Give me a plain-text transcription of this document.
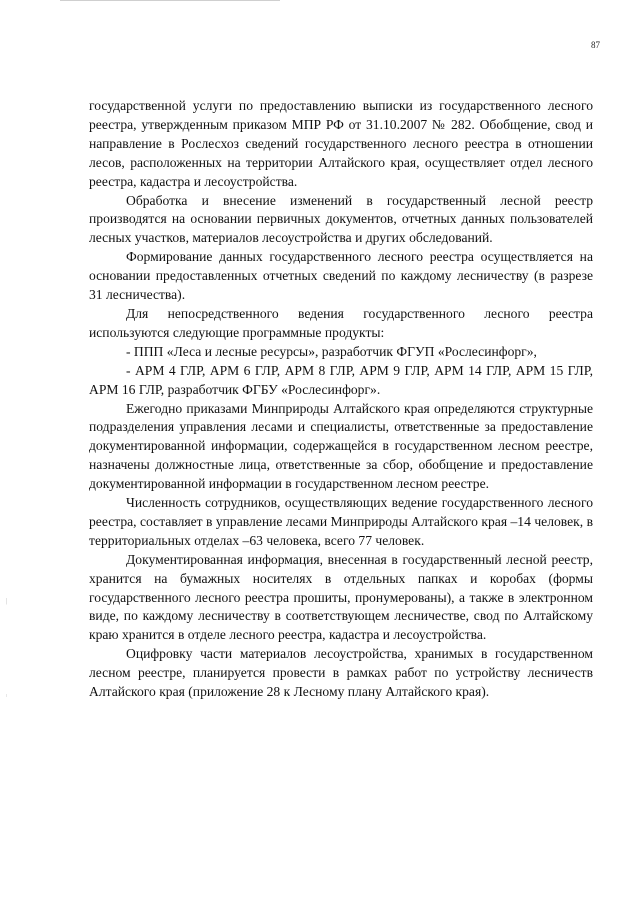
87

государственной услуги по предоставлению выписки из государственного лесного реестра, утвержденным приказом МПР РФ от 31.10.2007 № 282. Обобщение, свод и направление в Рослесхоз сведений государственного лесного реестра в отношении лесов, расположенных на территории Алтайского края, осуществляет отдел лесного реестра, кадастра и лесоустройства.

Обработка и внесение изменений в государственный лесной реестр производятся на основании первичных документов, отчетных данных пользователей лесных участков, материалов лесоустройства и других обследований.

Формирование данных государственного лесного реестра осуществляется на основании предоставленных отчетных сведений по каждому лесничеству (в разрезе 31 лесничества).

Для непосредственного ведения государственного лесного реестра используются следующие программные продукты:

- ППП «Леса и лесные ресурсы», разработчик ФГУП «Рослесинфорг»,

- АРМ 4 ГЛР, АРМ 6 ГЛР, АРМ 8 ГЛР, АРМ 9 ГЛР, АРМ 14 ГЛР, АРМ 15 ГЛР, АРМ 16 ГЛР, разработчик ФГБУ «Рослесинфорг».

Ежегодно приказами Минприроды Алтайского края определяются структурные подразделения управления лесами и специалисты, ответственные за предоставление документированной информации, содержащейся в государственном лесном реестре, назначены должностные лица, ответственные за сбор, обобщение и предоставление документированной информации в государственном лесном реестре.

Численность сотрудников, осуществляющих ведение государственного лесного реестра, составляет в управление лесами Минприроды Алтайского края –14 человек, в территориальных отделах –63 человека, всего 77 человек.

Документированная информация, внесенная в государственный лесной реестр, хранится на бумажных носителях в отдельных папках и коробах (формы государственного лесного реестра прошиты, пронумерованы), а также в электронном виде, по каждому лесничеству в соответствующем лесничестве, свод по Алтайскому краю хранится в отделе лесного реестра, кадастра и лесоустройства.

Оцифровку части материалов лесоустройства, хранимых в государственном лесном реестре, планируется провести в рамках работ по устройству лесничеств Алтайского края (приложение 28 к Лесному плану Алтайского края).
